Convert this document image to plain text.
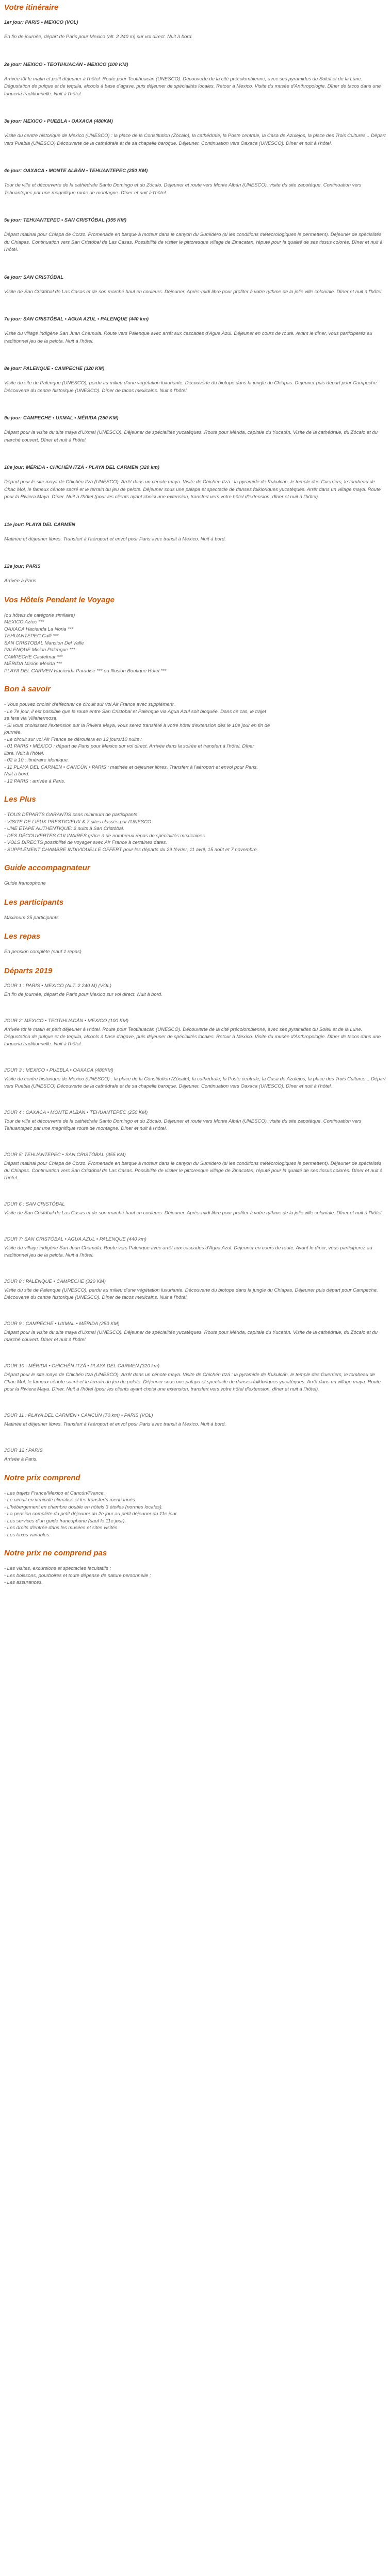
Votre itinéraire
1er jour: PARIS • MEXICO (VOL)

En fin de journée, départ de Paris pour Mexico (alt. 2 240 m) sur vol direct. Nuit à bord.

2e jour: MEXICO • TEOTIHUACÁN • MEXICO (100 KM)

Arrivée tôt le matin et petit déjeuner à l'hôtel. Route pour Teotihuacán (UNESCO). Découverte de la cité précolombienne, avec ses pyramides du Soleil et de la Lune. Dégustation de pulque et de tequila, alcools à base d'agave, puis déjeuner de spécialités locales. Retour à Mexico. Visite du musée d'Anthropologie. Dîner de tacos dans une taqueria traditionnelle. Nuit à l'hôtel.

3e jour: MEXICO • PUEBLA • OAXACA (480KM)

Visite du centre historique de Mexico (UNESCO) : la place de la Constitution (Zócalo), la cathédrale, la Poste centrale, la Casa de Azulejos, la place des Trois Cultures... Départ vers Puebla (UNESCO) Découverte de la cathédrale et de sa chapelle baroque. Déjeuner. Continuation vers Oaxaca (UNESCO). Dîner et nuit à l'hôtel.

4e jour: OAXACA • MONTE ALBÁN • TEHUANTEPEC (250 KM)

Tour de ville et découverte de la cathédrale Santo Domingo et du Zócalo. Déjeuner et route vers Monte Albán (UNESCO), visite du site zapotèque. Continuation vers Tehuantepec par une magnifique route de montagne. Dîner et nuit à l'hôtel.

5e jour: TEHUANTEPEC • SAN CRISTÓBAL (355 KM)

Départ matinal pour Chiapa de Corzo. Promenade en barque à moteur dans le canyon du Sumidero (si les conditions météorologiques le permettent). Déjeuner de spécialités du Chiapas. Continuation vers San Cristóbal de Las Casas. Possibilité de visiter le pittoresque village de Zinacatan, réputé pour la qualité de ses tissus colorés. Dîner et nuit à l'hôtel.

6e jour: SAN CRISTÓBAL

Visite de San Cristóbal de Las Casas et de son marché haut en couleurs. Déjeuner. Après-midi libre pour profiter à votre rythme de la jolie ville coloniale. Dîner et nuit à l'hôtel.

7e jour: SAN CRISTÓBAL • AGUA AZUL • PALENQUE (440 km)

Visite du village indigène San Juan Chamula. Route vers Palenque avec arrêt aux cascades d'Agua Azul. Déjeuner en cours de route. Avant le dîner, vous participerez au traditionnel jeu de la pelota. Nuit à l'hôtel.

8e jour: PALENQUE • CAMPECHE (320 KM)

Visite du site de Palenque (UNESCO), perdu au milieu d'une végétation luxuriante. Découverte du biotope dans la jungle du Chiapas. Déjeuner puis départ pour Campeche. Découverte du centre historique (UNESCO). Dîner de tacos mexicains. Nuit à l'hôtel.

9e jour: CAMPECHE • UXMAL • MÉRIDA (250 KM)

Départ pour la visite du site maya d'Uxmal (UNESCO). Déjeuner de spécialités yucatèques. Route pour Mérida, capitale du Yucatán. Visite de la cathédrale, du Zócalo et du marché couvert. Dîner et nuit à l'hôtel.

10e jour: MÉRIDA • CHICHÉN ITZÁ • PLAYA DEL CARMEN (320 km)

Départ pour le site maya de Chichén Itzá (UNESCO). Arrêt dans un cénote maya. Visite de Chichén Itzá : la pyramide de Kukulcán, le temple des Guerriers, le tombeau de Chac Mol, le fameux cénote sacré et le terrain du jeu de pelote. Déjeuner sous une palapa et spectacle de danses folkloriques yucatèques. Arrêt dans un village maya. Route pour la Riviera Maya. Dîner. Nuit à l'hôtel (pour les clients ayant choisi une extension, transfert vers votre hôtel d'extension, dîner et nuit à l'hôtel).

11e jour: PLAYA DEL CARMEN

Matinée et déjeuner libres. Transfert à l'aéroport et envol pour Paris avec transit à Mexico. Nuit à bord.

12e jour: PARIS

Arrivée à Paris.

Vos Hôtels Pendant le Voyage
(ou hôtels de catégorie similaire)
MEXICO Aztec ***
OAXACA Hacienda La Noria ***
TEHUANTEPEC Calli ***
SAN CRISTOBAL Mansion Del Valle
PALENQUE Mision Palenque ***
CAMPECHE Castelmar ***
MÉRIDA Misión Mérida ***
PLAYA DEL CARMEN Hacienda Paradise *** ou Illusion Boutique Hotel ***
Bon à savoir
- Vous pouvez choisir d'effectuer ce circuit sur vol Air France avec supplément.
- Le 7e jour, il est possible que la route entre San Cristóbal et Palenque via Agua Azul soit bloquée. Dans ce cas, le trajet
se fera via Villahermosa.
- Si vous choisissez l'extension sur la Riviera Maya, vous serez transféré à votre hôtel d'extension dès le 10e jour en fin de
journée.
- Le circuit sur vol Air France se déroulera en 12 jours/10 nuits :
- 01 PARIS • MÉXICO : départ de Paris pour Mexico sur vol direct. Arrivée dans la soirée et transfert à l'hôtel. Dîner
libre. Nuit à l'hôtel.
- 02 à 10 : itinéraire identique.
- 11 PLAYA DEL CARMEN • CANCÚN • PARIS : matinée et déjeuner libres. Transfert à l'aéroport et envol pour Paris.
Nuit à bord.
- 12 PARIS : arrivée à Paris.
Les Plus
- TOUS DÉPARTS GARANTIS sans minimum de participants
- VISITE DE LIEUX PRESTIGIEUX & 7 sites classés par l'UNESCO.
- UNE ÉTAPE AUTHENTIQUE: 2 nuits à San Cristóbal.
- DES DÉCOUVERTES CULINAIRES grâce à de nombreux repas de spécialités mexicaines.
- VOLS DIRECTS possibilité de voyager avec Air France à certaines dates.
- SUPPLÉMENT CHAMBRE INDIVIDUELLE OFFERT pour les départs du 29 février, 11 avril, 15 août et 7 novembre.
Guide accompagnateur

Guide francophone

Les participants

Maximum 25 participants

Les repas

En pension complète (sauf 1 repas)

Départs 2019
JOUR 1 : PARIS • MEXICO (ALT. 2 240 M) (VOL)

En fin de journée, départ de Paris pour Mexico sur vol direct. Nuit à bord.

JOUR 2: MEXICO • TEOTIHUACÁN • MEXICO (100 KM)

Arrivée tôt le matin et petit déjeuner à l'hôtel. Route pour Teotihuacán (UNESCO). Découverte de la cité précolombienne, avec ses pyramides du Soleil et de la Lune. Dégustation de pulque et de tequila, alcools à base d'agave, puis déjeuner de spécialités locales. Retour à Mexico. Visite du musée d'Anthropologie. Dîner de tacos dans une taqueria traditionnelle. Nuit à l'hôtel.

JOUR 3 : MEXICO • PUEBLA • OAXACA (480KM)

Visite du centre historique de Mexico (UNESCO) : la place de la Constitution (Zócalo), la cathédrale, la Poste centrale, la Casa de Azulejos, la place des Trois Cultures... Départ vers Puebla (UNESCO) Découverte de la cathédrale et de sa chapelle baroque. Déjeuner. Continuation vers Oaxaca (UNESCO). Dîner et nuit à l'hôtel.

JOUR 4 : OAXACA • MONTE ALBÁN • TEHUANTEPEC (250 KM)

Tour de ville et découverte de la cathédrale Santo Domingo et du Zócalo. Déjeuner et route vers Monte Albán (UNESCO), visite du site zapotèque. Continuation vers Tehuantepec par une magnifique route de montagne. Dîner et nuit à l'hôtel.

JOUR 5: TEHUANTEPEC • SAN CRISTÓBAL (355 KM)

Départ matinal pour Chiapa de Corzo. Promenade en barque à moteur dans le canyon du Sumidero (si les conditions météorologiques le permettent). Déjeuner de spécialités du Chiapas. Continuation vers San Cristóbal de Las Casas. Possibilité de visiter le pittoresque village de Zinacatan, réputé pour la qualité de ses tissus colorés. Dîner et nuit à l'hôtel.

JOUR 6 : SAN CRISTÓBAL

Visite de San Cristóbal de Las Casas et de son marché haut en couleurs. Déjeuner. Après-midi libre pour profiter à votre rythme de la jolie ville coloniale. Dîner et nuit à l'hôtel.

JOUR 7: SAN CRISTÓBAL • AGUA AZUL • PALENQUE (440 km)

Visite du village indigène San Juan Chamula. Route vers Palenque avec arrêt aux cascades d'Agua Azul. Déjeuner en cours de route. Avant le dîner, vous participerez au traditionnel jeu de la pelota. Nuit à l'hôtel.

JOUR 8 : PALENQUE • CAMPECHE (320 KM)

Visite du site de Palenque (UNESCO), perdu au milieu d'une végétation luxuriante. Découverte du biotope dans la jungle du Chiapas. Déjeuner puis départ pour Campeche. Découverte du centre historique (UNESCO). Dîner de tacos mexicains. Nuit à l'hôtel.

JOUR 9 : CAMPECHE • UXMAL • MÉRIDA (250 KM)

Départ pour la visite du site maya d'Uxmal (UNESCO). Déjeuner de spécialités yucatèques. Route pour Mérida, capitale du Yucatán. Visite de la cathédrale, du Zócalo et du marché couvert. Dîner et nuit à l'hôtel.

JOUR 10 : MÉRIDA • CHICHÉN ITZÁ • PLAYA DEL CARMEN (320 km)

Départ pour le site maya de Chichén Itzá (UNESCO). Arrêt dans un cénote maya. Visite de Chichén Itzá : la pyramide de Kukulcán, le temple des Guerriers, le tombeau de Chac Mol, le fameux cénote sacré et le terrain du jeu de pelote. Déjeuner sous une palapa et spectacle de danses folkloriques yucatèques. Arrêt dans un village maya. Route pour la Riviera Maya. Dîner. Nuit à l'hôtel (pour les clients ayant choisi une extension, transfert vers votre hôtel d'extension, dîner et nuit à l'hôtel).

JOUR 11 : PLAYA DEL CARMEN • CANCÚN (70 km) • PARIS (VOL)

Matinée et déjeuner libres. Transfert à l'aéroport et envol pour Paris avec transit à Mexico. Nuit à bord.

JOUR 12 : PARIS

Arrivée à Paris.

Notre prix comprend
- Les trajets France/Mexico et Cancún/France.
- Le circuit en véhicule climatisé et les transferts mentionnés.
- L'hébergement en chambre double en hôtels 3 étoiles (normes locales).
- La pension complète du petit déjeuner du 2e jour au petit déjeuner du 11e jour.
- Les services d'un guide francophone (sauf le 11e jour).
- Les droits d'entrée dans les musées et sites visités.
- Les taxes variables.
Notre prix ne comprend pas
- Les visites, excursions et spectacles facultatifs ;
- Les boissons, pourboires et toute dépense de nature personnelle ;
- Les assurances.
